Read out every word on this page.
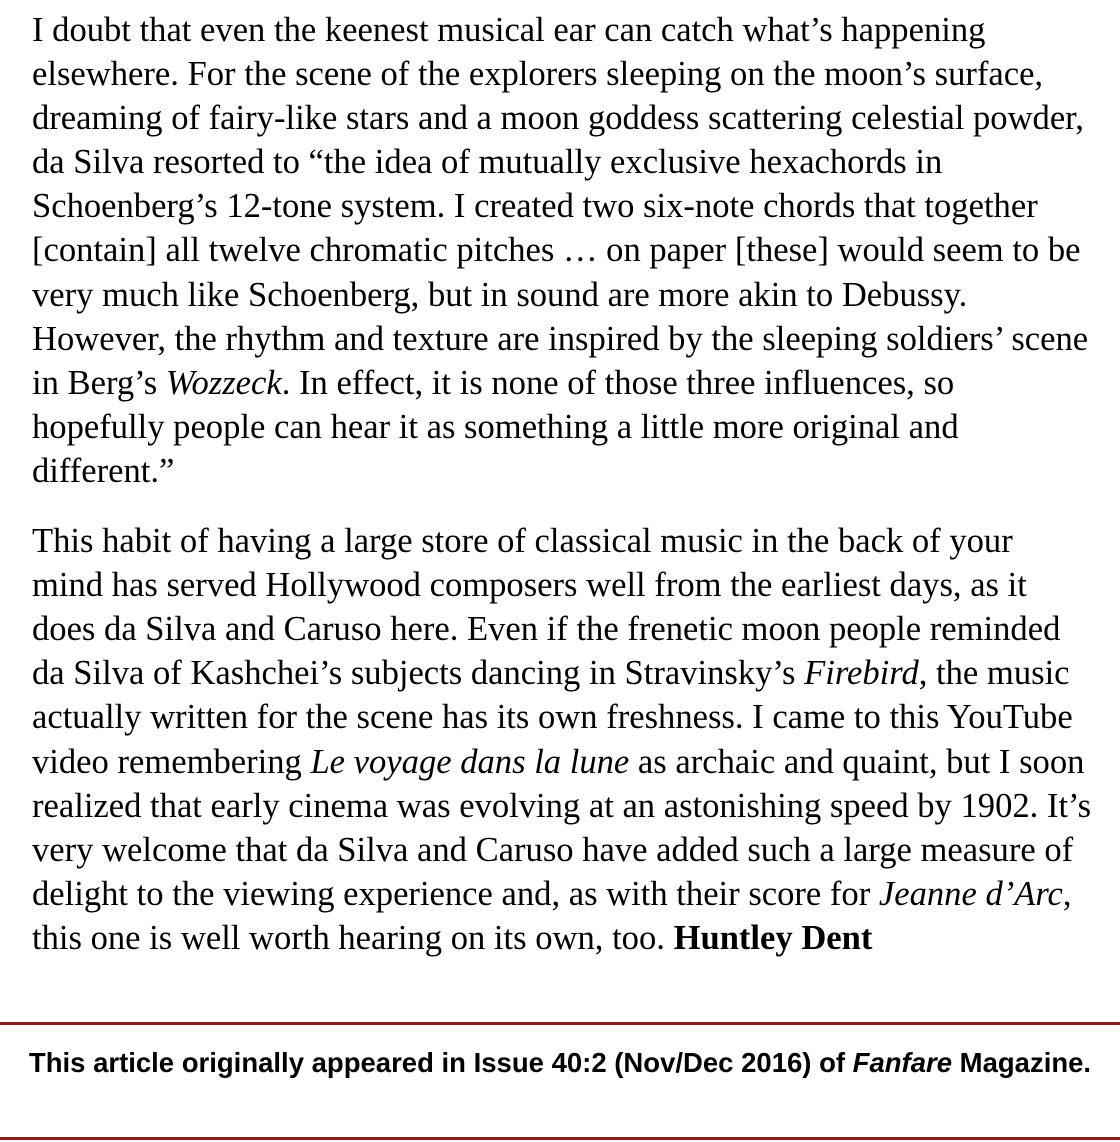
I doubt that even the keenest musical ear can catch what’s happening elsewhere. For the scene of the explorers sleeping on the moon’s surface, dreaming of fairy-like stars and a moon goddess scattering celestial powder, da Silva resorted to “the idea of mutually exclusive hexachords in Schoenberg’s 12-tone system. I created two six-note chords that together [contain] all twelve chromatic pitches … on paper [these] would seem to be very much like Schoenberg, but in sound are more akin to Debussy. However, the rhythm and texture are inspired by the sleeping soldiers’ scene in Berg’s Wozzeck. In effect, it is none of those three influences, so hopefully people can hear it as something a little more original and different.”

This habit of having a large store of classical music in the back of your mind has served Hollywood composers well from the earliest days, as it does da Silva and Caruso here. Even if the frenetic moon people reminded da Silva of Kashchei’s subjects dancing in Stravinsky’s Firebird, the music actually written for the scene has its own freshness. I came to this YouTube video remembering Le voyage dans la lune as archaic and quaint, but I soon realized that early cinema was evolving at an astonishing speed by 1902. It’s very welcome that da Silva and Caruso have added such a large measure of delight to the viewing experience and, as with their score for Jeanne d’Arc, this one is well worth hearing on its own, too. Huntley Dent

This article originally appeared in Issue 40:2 (Nov/Dec 2016) of Fanfare Magazine.
